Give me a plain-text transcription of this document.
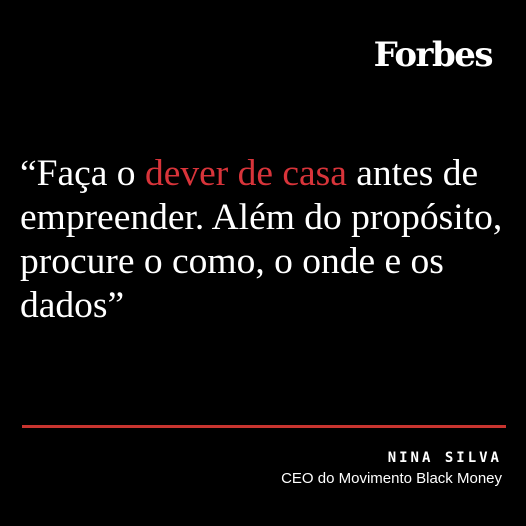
Forbes

“Faça o dever de casa antes de empreender. Além do propósito, procure o como, o onde e os dados”

NINA SILVA
CEO do Movimento Black Money
